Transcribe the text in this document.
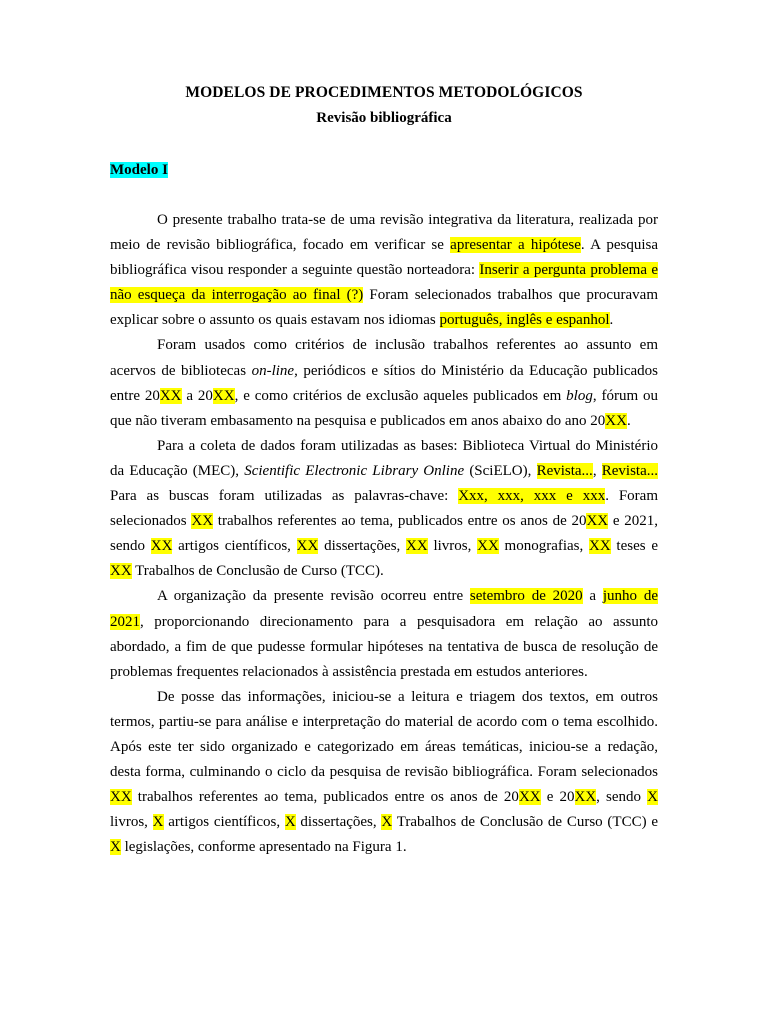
MODELOS DE PROCEDIMENTOS METODOLÓGICOS
Revisão bibliográfica
Modelo I

O presente trabalho trata-se de uma revisão integrativa da literatura, realizada por meio de revisão bibliográfica, focado em verificar se apresentar a hipótese. A pesquisa bibliográfica visou responder a seguinte questão norteadora: Inserir a pergunta problema e não esqueça da interrogação ao final (?) Foram selecionados trabalhos que procuravam explicar sobre o assunto os quais estavam nos idiomas português, inglês e espanhol.

Foram usados como critérios de inclusão trabalhos referentes ao assunto em acervos de bibliotecas on-line, periódicos e sítios do Ministério da Educação publicados entre 20XX a 20XX, e como critérios de exclusão aqueles publicados em blog, fórum ou que não tiveram embasamento na pesquisa e publicados em anos abaixo do ano 20XX.

Para a coleta de dados foram utilizadas as bases: Biblioteca Virtual do Ministério da Educação (MEC), Scientific Electronic Library Online (SciELO), Revista..., Revista... Para as buscas foram utilizadas as palavras-chave: Xxx, xxx, xxx e xxx. Foram selecionados XX trabalhos referentes ao tema, publicados entre os anos de 20XX e 2021, sendo XX artigos científicos, XX dissertações, XX livros, XX monografias, XX teses e XX Trabalhos de Conclusão de Curso (TCC).

A organização da presente revisão ocorreu entre setembro de 2020 a junho de 2021, proporcionando direcionamento para a pesquisadora em relação ao assunto abordado, a fim de que pudesse formular hipóteses na tentativa de busca de resolução de problemas frequentes relacionados à assistência prestada em estudos anteriores.

De posse das informações, iniciou-se a leitura e triagem dos textos, em outros termos, partiu-se para análise e interpretação do material de acordo com o tema escolhido. Após este ter sido organizado e categorizado em áreas temáticas, iniciou-se a redação, desta forma, culminando o ciclo da pesquisa de revisão bibliográfica. Foram selecionados XX trabalhos referentes ao tema, publicados entre os anos de 20XX e 20XX, sendo X livros, X artigos científicos, X dissertações, X Trabalhos de Conclusão de Curso (TCC) e X legislações, conforme apresentado na Figura 1.
